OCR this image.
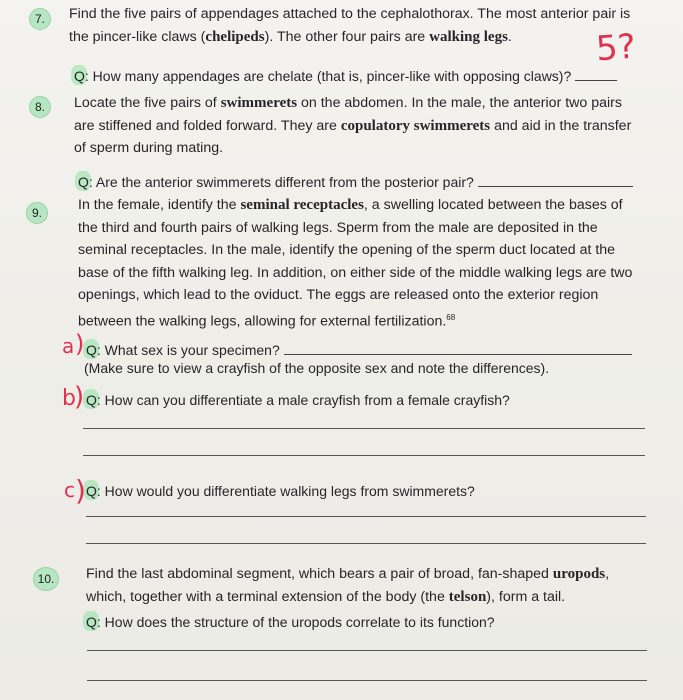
7.	Find the five pairs of appendages attached to the cephalothorax. The most anterior pair is the pincer-like claws (chelipeds). The other four pairs are walking legs.
Q: How many appendages are chelate (that is, pincer-like with opposing claws)?
5?
8.	Locate the five pairs of swimmerets on the abdomen. In the male, the anterior two pairs are stiffened and folded forward. They are copulatory swimmerets and aid in the transfer of sperm during mating.
Q: Are the anterior swimmerets different from the posterior pair?
9.	In the female, identify the seminal receptacles, a swelling located between the bases of the third and fourth pairs of walking legs. Sperm from the male are deposited in the seminal receptacles. In the male, identify the opening of the sperm duct located at the base of the fifth walking leg. In addition, on either side of the middle walking legs are two openings, which lead to the oviduct. The eggs are released onto the exterior region between the walking legs, allowing for external fertilization.$^{68}$
a ) Q: What sex is your specimen?
(Make sure to view a crayfish of the opposite sex and note the differences).
b
) Q: How can you differentiate a male crayfish from a female crayfish?
c ) Q: How would you differentiate walking legs from swimmerets?
10.	Find the last abdominal segment, which bears a pair of broad, fan-shaped uropods, which, together with a terminal extension of the body (the telson), form a tail.
Q: How does the structure of the uropods correlate to its function?
